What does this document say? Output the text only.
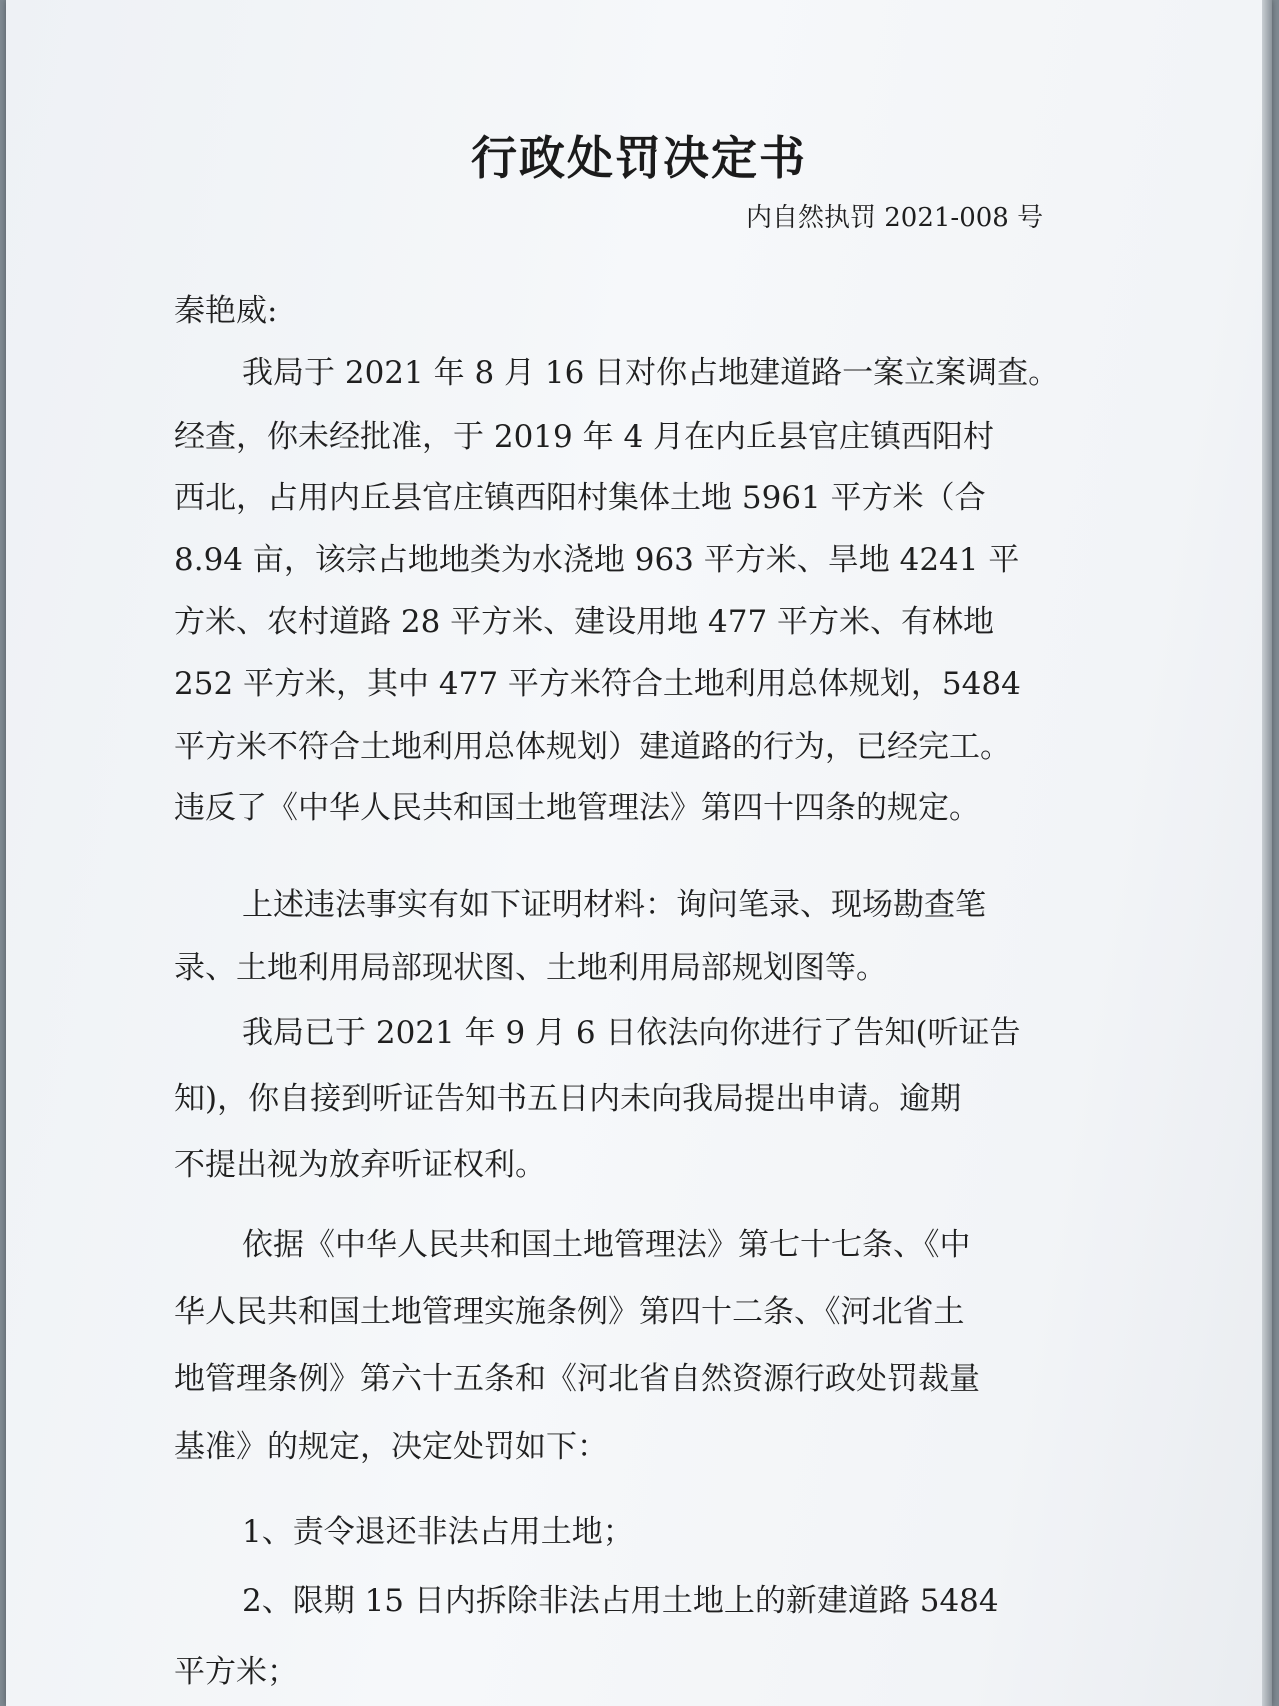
行政处罚决定书
内自然执罚 2021-008 号
秦艳威:
我局于 2021 年 8 月 16 日对你占地建道路一案立案调查。
经查，你未经批准，于 2019 年 4 月在内丘县官庄镇西阳村
西北，占用内丘县官庄镇西阳村集体土地 5961 平方米（合
8.94 亩，该宗占地地类为水浇地 963 平方米、旱地 4241 平
方米、农村道路 28 平方米、建设用地 477 平方米、有林地
252 平方米，其中 477 平方米符合土地利用总体规划，5484
平方米不符合土地利用总体规划）建道路的行为，已经完工。
违反了《中华人民共和国土地管理法》第四十四条的规定。
上述违法事实有如下证明材料：询问笔录、现场勘查笔
录、土地利用局部现状图、土地利用局部规划图等。
我局已于 2021 年 9 月 6 日依法向你进行了告知(听证告
知)，你自接到听证告知书五日内未向我局提出申请。逾期
不提出视为放弃听证权利。
依据《中华人民共和国土地管理法》第七十七条、《中
华人民共和国土地管理实施条例》第四十二条、《河北省土
地管理条例》第六十五条和《河北省自然资源行政处罚裁量
基准》的规定，决定处罚如下：
1、责令退还非法占用土地；
2、限期 15 日内拆除非法占用土地上的新建道路 5484
平方米；
